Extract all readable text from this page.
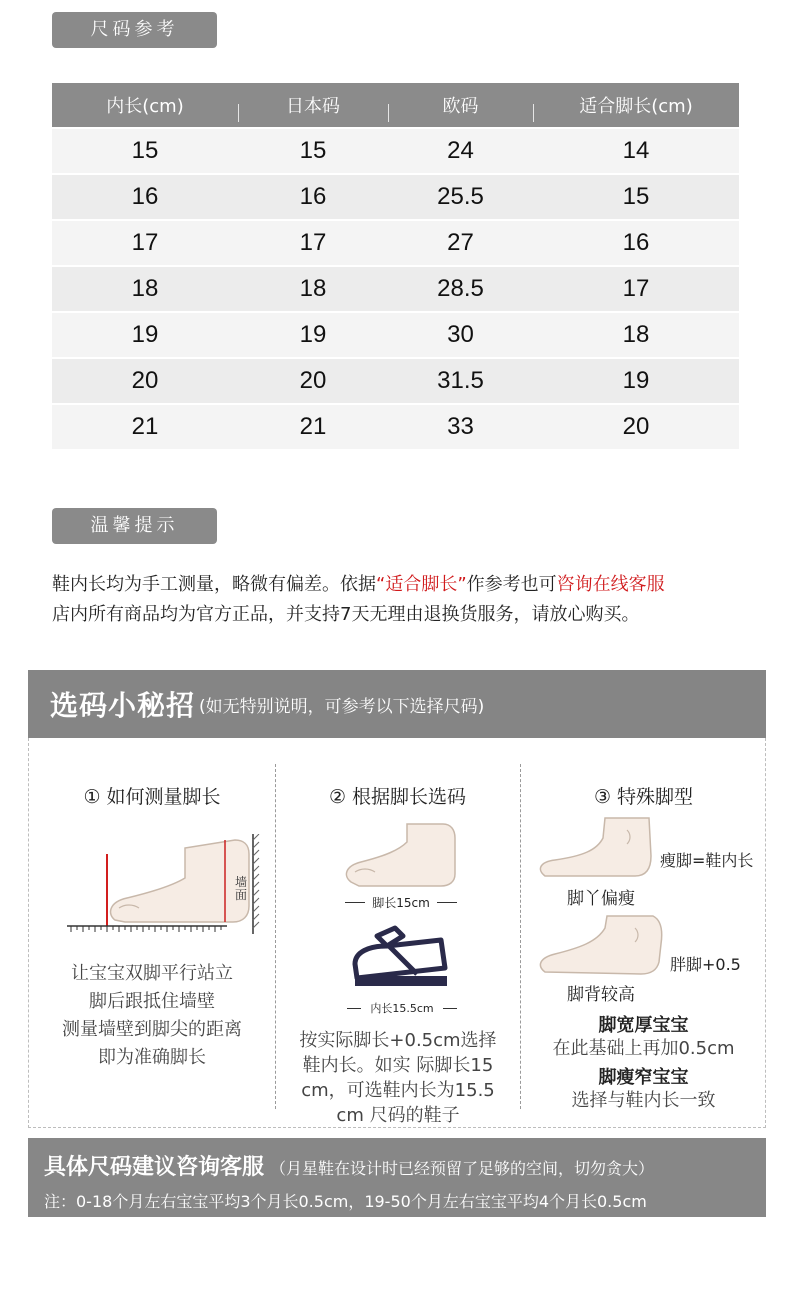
尺码参考
内长(cm)	日本码	欧码	适合脚长(cm)
15	15	24	14
16	16	25.5	15
17	17	27	16
18	18	28.5	17
19	19	30	18
20	20	31.5	19
21	21	33	20
温馨提示
鞋内长均为手工测量，略微有偏差。依据“适合脚长”作参考也可咨询在线客服
店内所有商品均为官方正品，并支持7天无理由退换货服务，请放心购买。
选码小秘招 (如无特别说明，可参考以下选择尺码)
① 如何测量脚长
墙面
让宝宝双脚平行站立
脚后跟抵住墙壁
测量墙壁到脚尖的距离
即为准确脚长
② 根据脚长选码
脚长15cm
内长15.5cm
按实际脚长+0.5cm选择
鞋内长。如实 际脚长15
cm，可选鞋内长为15.5
cm 尺码的鞋子
③ 特殊脚型
瘦脚=鞋内长
脚丫偏瘦
胖脚+0.5
脚背较高
脚宽厚宝宝
在此基础上再加0.5cm
脚瘦窄宝宝
选择与鞋内长一致
具体尺码建议咨询客服 （月星鞋在设计时已经预留了足够的空间，切勿贪大）
注：0-18个月左右宝宝平均3个月长0.5cm，19-50个月左右宝宝平均4个月长0.5cm
